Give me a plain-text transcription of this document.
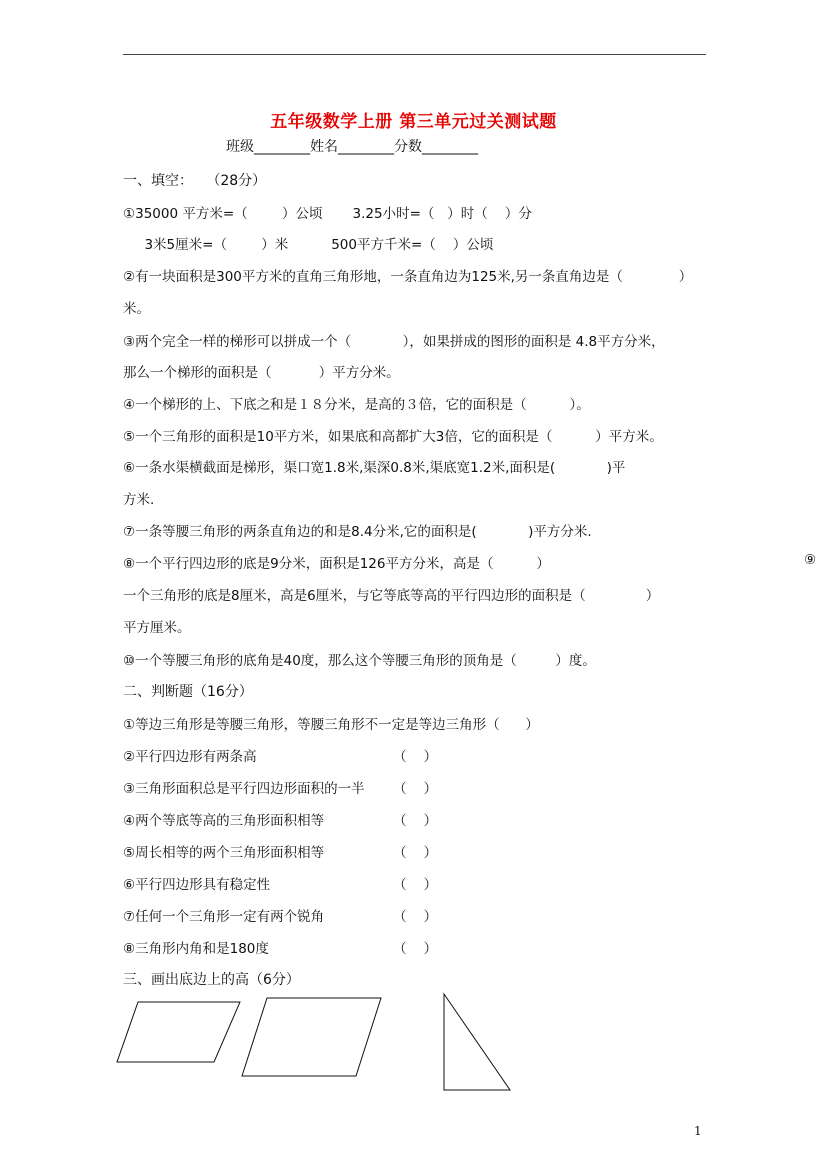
五年级数学上册 第三单元过关测试题
班级________姓名________分数________
一、填空：   （28分）
①35000 平方米=（        ）公顷       3.25小时=（   ）时（    ）分
3米5厘米=（        ）米          500平方千米=（    ）公顷
②有一块面积是300平方米的直角三角形地，一条直角边为125米,另一条直角边是（             ）
米。
③两个完全一样的梯形可以拼成一个（            ），如果拼成的图形的面积是 4.8平方分米，
那么一个梯形的面积是（           ）平方分米。
④一个梯形的上、下底之和是１８分米，是高的３倍，它的面积是（          ）。
⑤一个三角形的面积是10平方米，如果底和高都扩大3倍，它的面积是（          ）平方米。
⑥一条水渠横截面是梯形，渠口宽1.8米,渠深0.8米,渠底宽1.2米,面积是(            )平
方米.
⑦一条等腰三角形的两条直角边的和是8.4分米,它的面积是(            )平方分米.
⑧一个平行四边形的底是9分米，面积是126平方分米，高是（          ）	⑨
一个三角形的底是8厘米，高是6厘米，与它等底等高的平行四边形的面积是（              ）
平方厘米。
⑩一个等腰三角形的底角是40度，那么这个等腰三角形的顶角是（         ）度。
二、判断题（16分）
①等边三角形是等腰三角形，等腰三角形不一定是等边三角形（      ）
②平行四边形有两条高	（    ）
③三角形面积总是平行四边形面积的一半 （    ）
④两个等底等高的三角形面积相等	（    ）
⑤周长相等的两个三角形面积相等	（    ）
⑥平行四边形具有稳定性	（    ）
⑦任何一个三角形一定有两个锐角	（    ）
⑧三角形内角和是180度	（    ）
三、画出底边上的高（6分）
1
